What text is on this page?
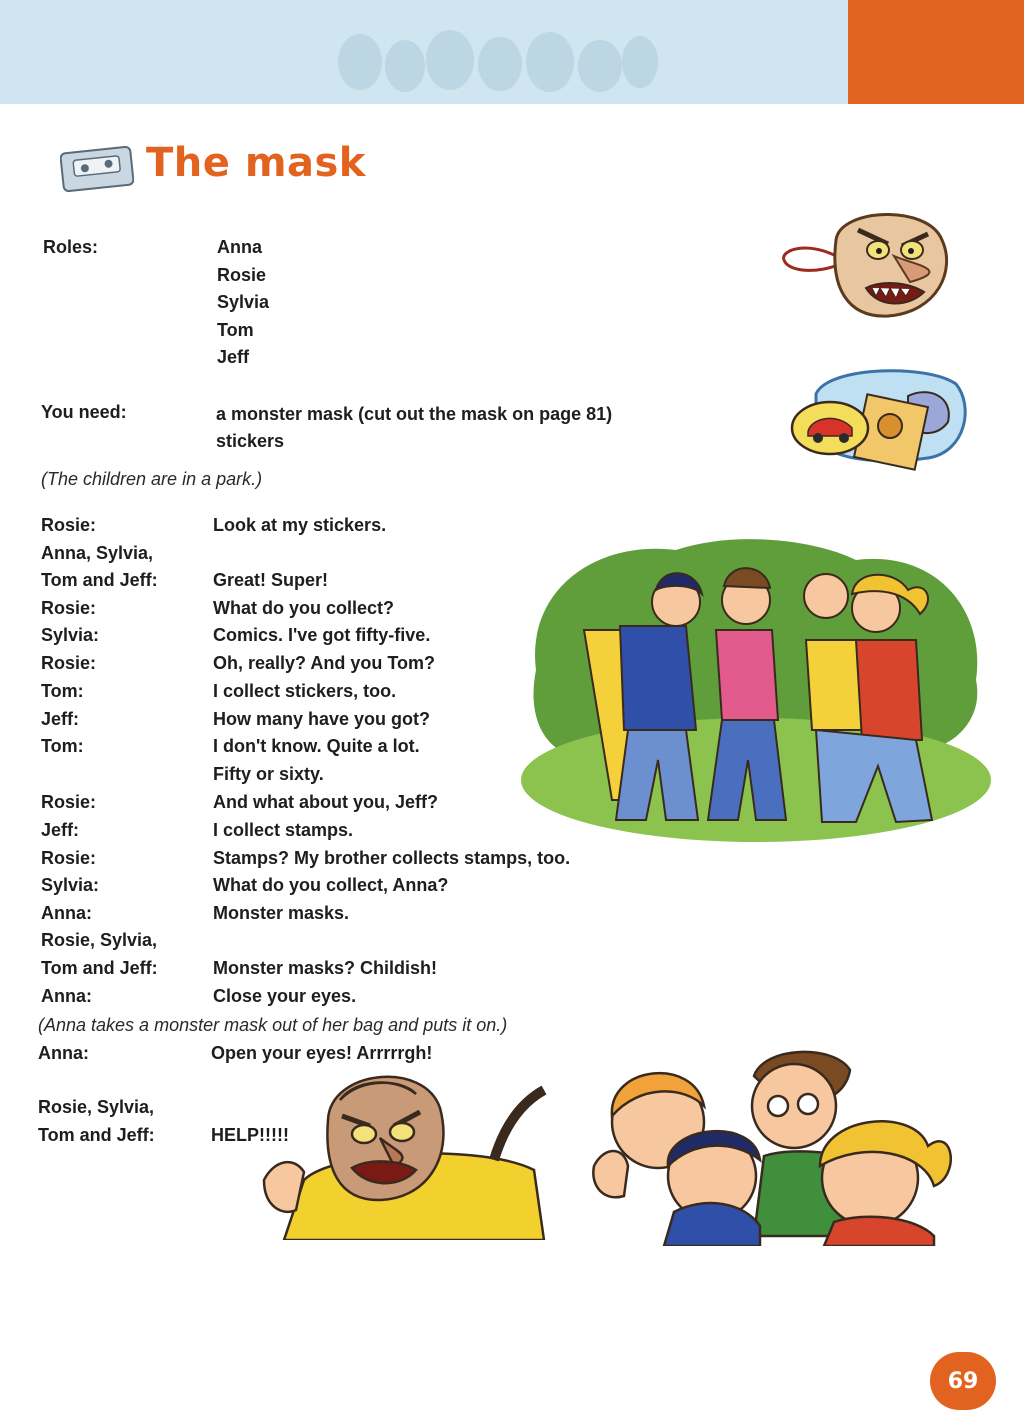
The mask
Roles:	Anna
Rosie
Sylvia
Tom
Jeff
You need:	a monster mask (cut out the mask on page 81)
stickers
(The children are in a park.)
Rosie:	Look at my stickers.
Anna, Sylvia,
Tom and Jeff:	Great! Super!
Rosie:	What do you collect?
Sylvia:	Comics. I've got fifty-five.
Rosie:	Oh, really? And you Tom?
Tom:	I collect stickers, too.
Jeff:	How many have you got?
Tom:	I don't know. Quite a lot.
Fifty or sixty.
Rosie:	And what about you, Jeff?
Jeff:	I collect stamps.
Rosie:	Stamps? My brother collects stamps, too.
Sylvia:	What do you collect, Anna?
Anna:	Monster masks.
Rosie, Sylvia,
Tom and Jeff:	Monster masks? Childish!
Anna:	Close your eyes.
(Anna takes a monster mask out of her bag and puts it on.)
Anna:	Open your eyes! Arrrrrgh!
Rosie, Sylvia,
Tom and Jeff:	HELP!!!!!
69
